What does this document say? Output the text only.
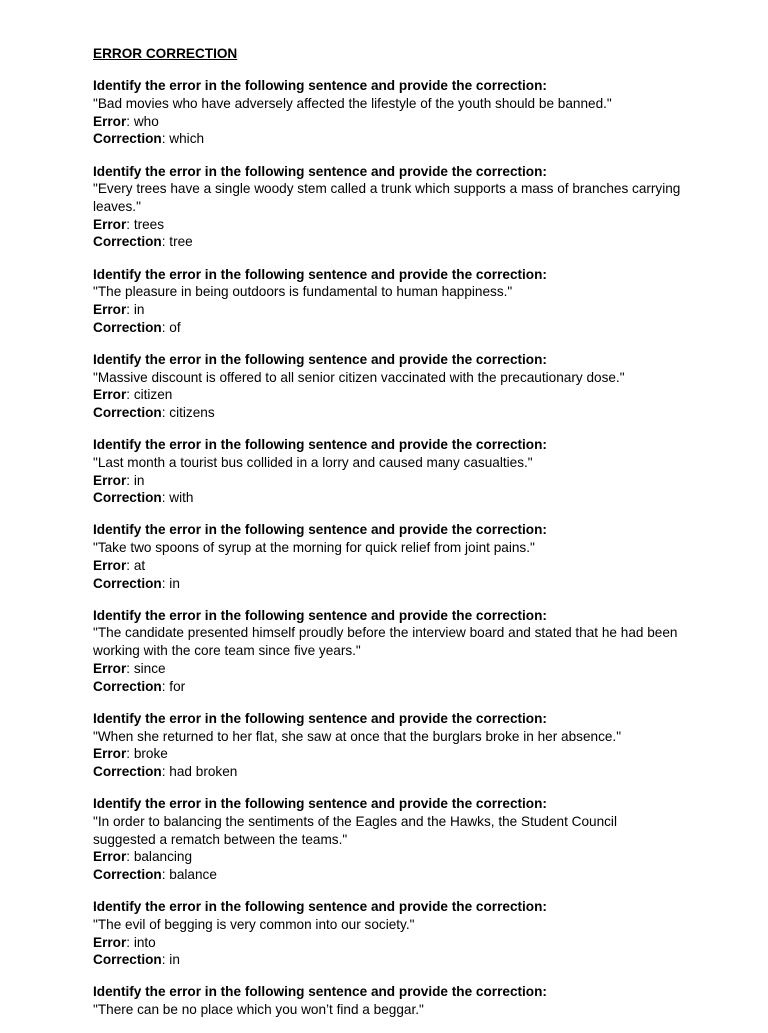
ERROR CORRECTION
Identify the error in the following sentence and provide the correction:
"Bad movies who have adversely affected the lifestyle of the youth should be banned."
Error: who
Correction: which
Identify the error in the following sentence and provide the correction:
"Every trees have a single woody stem called a trunk which supports a mass of branches carrying leaves."
Error: trees
Correction: tree
Identify the error in the following sentence and provide the correction:
"The pleasure in being outdoors is fundamental to human happiness."
Error: in
Correction: of
Identify the error in the following sentence and provide the correction:
"Massive discount is offered to all senior citizen vaccinated with the precautionary dose."
Error: citizen
Correction: citizens
Identify the error in the following sentence and provide the correction:
"Last month a tourist bus collided in a lorry and caused many casualties."
Error: in
Correction: with
Identify the error in the following sentence and provide the correction:
"Take two spoons of syrup at the morning for quick relief from joint pains."
Error: at
Correction: in
Identify the error in the following sentence and provide the correction:
"The candidate presented himself proudly before the interview board and stated that he had been working with the core team since five years."
Error: since
Correction: for
Identify the error in the following sentence and provide the correction:
"When she returned to her flat, she saw at once that the burglars broke in her absence."
Error: broke
Correction: had broken
Identify the error in the following sentence and provide the correction:
"In order to balancing the sentiments of the Eagles and the Hawks, the Student Council suggested a rematch between the teams."
Error: balancing
Correction: balance
Identify the error in the following sentence and provide the correction:
"The evil of begging is very common into our society."
Error: into
Correction: in
Identify the error in the following sentence and provide the correction:
"There can be no place which you won’t find a beggar."
